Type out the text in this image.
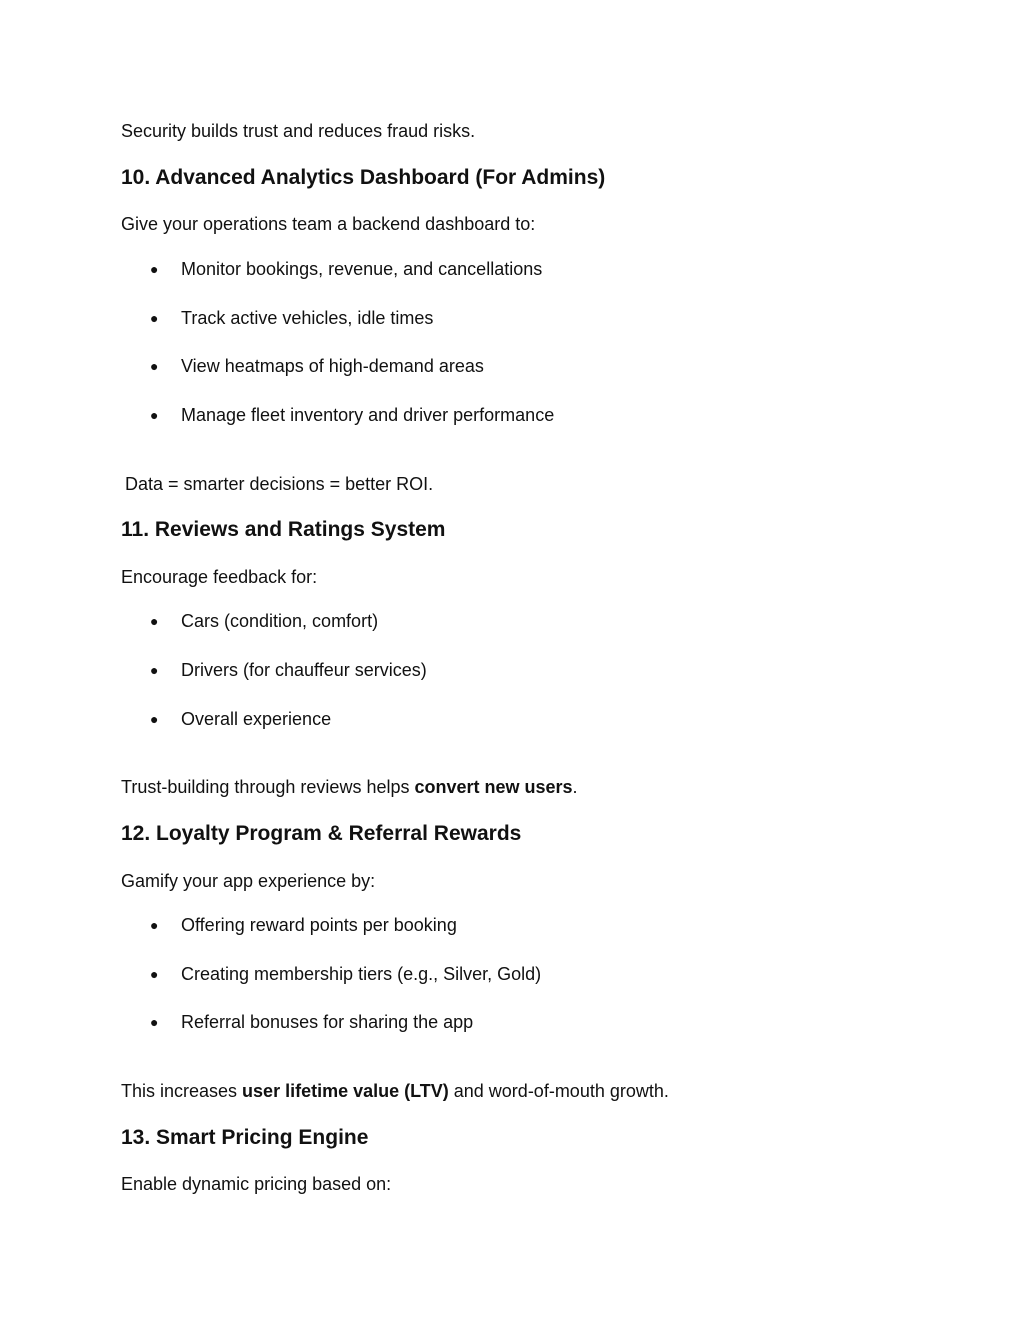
Security builds trust and reduces fraud risks.
10. Advanced Analytics Dashboard (For Admins)
Give your operations team a backend dashboard to:
● Monitor bookings, revenue, and cancellations
● Track active vehicles, idle times
● View heatmaps of high-demand areas
● Manage fleet inventory and driver performance
Data = smarter decisions = better ROI.
11. Reviews and Ratings System
Encourage feedback for:
● Cars (condition, comfort)
● Drivers (for chauffeur services)
● Overall experience
Trust-building through reviews helps convert new users.
12. Loyalty Program & Referral Rewards
Gamify your app experience by:
● Offering reward points per booking
● Creating membership tiers (e.g., Silver, Gold)
● Referral bonuses for sharing the app
This increases user lifetime value (LTV) and word-of-mouth growth.
13. Smart Pricing Engine
Enable dynamic pricing based on:
